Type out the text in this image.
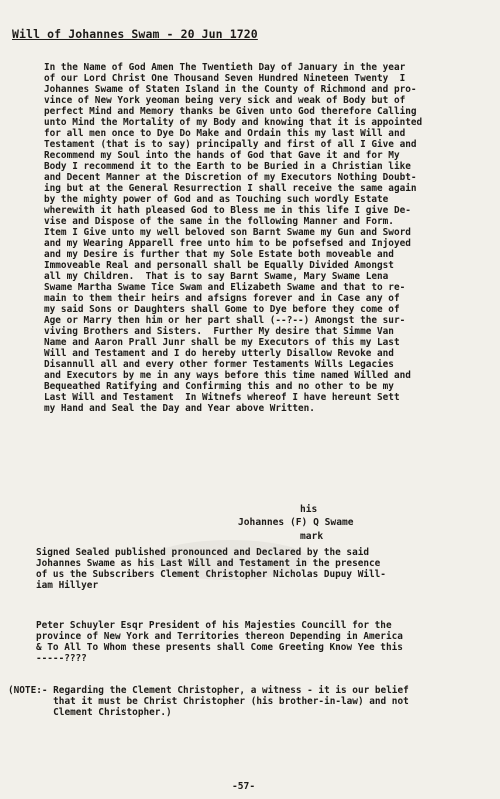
Will of Johannes Swam - 20 Jun 1720
In the Name of God Amen The Twentieth Day of January in the year
of our Lord Christ One Thousand Seven Hundred Nineteen Twenty  I
Johannes Swame of Staten Island in the County of Richmond and pro-
vince of New York yeoman being very sick and weak of Body but of
perfect Mind and Memory thanks be Given unto God therefore Calling
unto Mind the Mortality of my Body and knowing that it is appointed
for all men once to Dye Do Make and Ordain this my last Will and
Testament (that is to say) principally and first of all I Give and
Recommend my Soul into the hands of God that Gave it and for My
Body I recommend it to the Earth to be Buried in a Christian like
and Decent Manner at the Discretion of my Executors Nothing Doubt-
ing but at the General Resurrection I shall receive the same again
by the mighty power of God and as Touching such wordly Estate
wherewith it hath pleased God to Bless me in this life I give De-
vise and Dispose of the same in the following Manner and Form.
Item I Give unto my well beloved son Barnt Swame my Gun and Sword
and my Wearing Apparell free unto him to be pofsefsed and Injoyed
and my Desire is further that my Sole Estate both moveable and
Immoveable Real and personall shall be Equally Divided Amongst
all my Children.  That is to say Barnt Swame, Mary Swame Lena
Swame Martha Swame Tice Swam and Elizabeth Swame and that to re-
main to them their heirs and afsigns forever and in Case any of
my said Sons or Daughters shall Gome to Dye before they come of
Age or Marry then him or her part shall (--?--) Amongst the sur-
viving Brothers and Sisters.  Further My desire that Simme Van
Name and Aaron Prall Junr shall be my Executors of this my Last
Will and Testament and I do hereby utterly Disallow Revoke and
Disannull all and every other former Testaments Wills Legacies
and Executors by me in any ways before this time named Willed and
Bequeathed Ratifying and Confirming this and no other to be my
Last Will and Testament  In Witnefs whereof I have hereunt Sett
my Hand and Seal the Day and Year above Written.
his
Johannes (F) Q Swame
mark
Signed Sealed published pronounced and Declared by the said
Johannes Swame as his Last Will and Testament in the presence
of us the Subscribers Clement Christopher Nicholas Dupuy Will-
iam Hillyer
Peter Schuyler Esqr President of his Majesties Councill for the
province of New York and Territories thereon Depending in America
& To All To Whom these presents shall Come Greeting Know Yee this
-----????
(NOTE:- Regarding the Clement Christopher, a witness - it is our belief
that it must be Christ Christopher (his brother-in-law) and not
Clement Christopher.)
-57-
